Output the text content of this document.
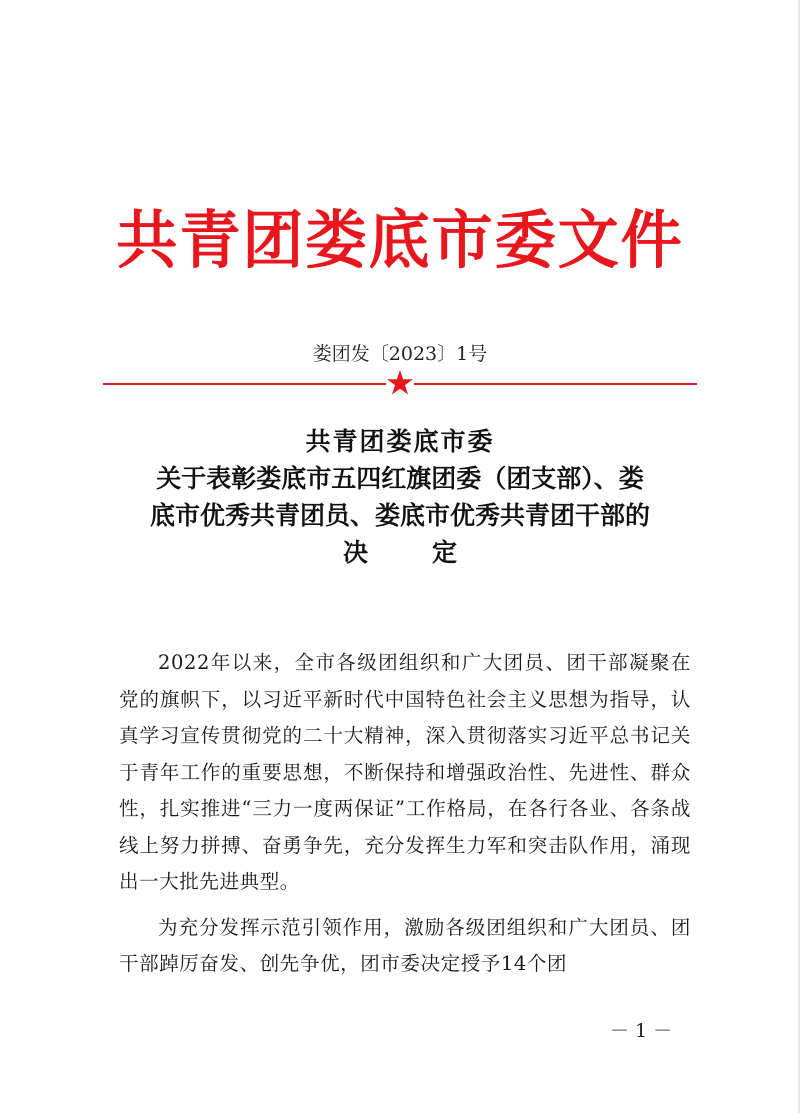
共青团娄底市委文件
娄团发〔2023〕1号
共青团娄底市委
关于表彰娄底市五四红旗团委（团支部）、娄
底市优秀共青团员、娄底市优秀共青团干部的
决	定

2022年以来，全市各级团组织和广大团员、团干部凝聚在党的旗帜下，以习近平新时代中国特色社会主义思想为指导，认真学习宣传贯彻党的二十大精神，深入贯彻落实习近平总书记关于青年工作的重要思想，不断保持和增强政治性、先进性、群众性，扎实推进“三力一度两保证”工作格局，在各行各业、各条战线上努力拼搏、奋勇争先，充分发挥生力军和突击队作用，涌现出一大批先进典型。

为充分发挥示范引领作用，激励各级团组织和广大团员、团干部踔厉奋发、创先争优，团市委决定授予14个团

－ 1 －
